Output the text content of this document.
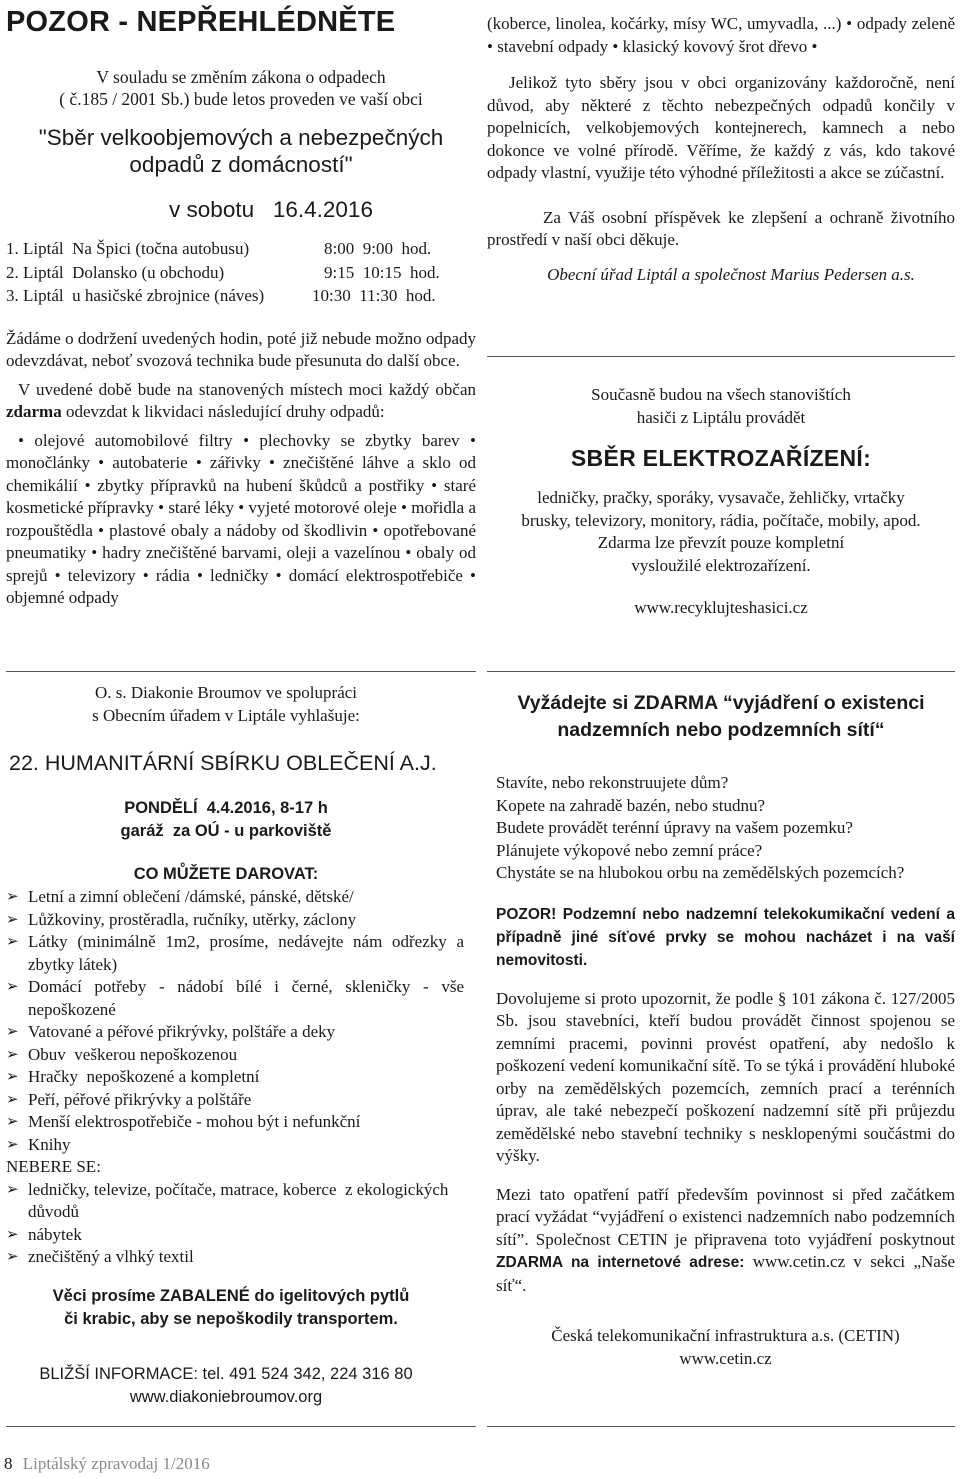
POZOR - NEPŘEHLÉDNĚTE
V souladu se změním zákona o odpadech
( č.185 / 2001 Sb.) bude letos proveden ve vaší obci
"Sběr velkoobjemových a nebezpečných
odpadů z domácností"
v sobotu   16.4.2016
1. Liptál  Na Špici (točna autobusu)	8:00  9:00  hod.
2. Liptál  Dolansko (u obchodu)	9:15  10:15  hod.
3. Liptál  u hasičské zbrojnice (náves)	10:30  11:30  hod.

Žádáme o dodržení uvedených hodin, poté již nebude možno odpady odevzdávat, neboť svozová technika bude přesunuta do další obce.

V uvedené době bude na stanovených místech moci každý občan zdarma odevzdat k likvidaci následující druhy odpadů:

• olejové automobilové filtry • plechovky se zbytky barev • monočlánky • autobaterie • zářivky • znečištěné láhve a sklo od chemikálií • zbytky přípravků na hubení škůdců a postřiky • staré kosmetické přípravky • staré léky • vyjeté motorové oleje • mořidla a rozpouštědla • plastové obaly a nádoby od škodlivin • opotřebované pneumatiky • hadry znečištěné barvami, oleji a vazelínou • obaly od sprejů • televizory • rádia • ledničky • domácí elektrospotřebiče • objemné odpady

(koberce, linolea, kočárky, mísy WC, umyvadla, ...) • odpady zeleně • stavební odpady • klasický kovový šrot dřevo •

Jelikož tyto sběry jsou v obci organizovány každoročně, není důvod, aby některé z těchto nebezpečných odpadů končily v popelnicích, velkobjemových kontejnerech, kamnech a nebo dokonce ve volné přírodě. Věříme, že každý z vás, kdo takové odpady vlastní, využije této výhodné příležitosti a akce se zúčastní.

Za Váš osobní příspěvek ke zlepšení a ochraně životního prostředí v naší obci děkuje.

Obecní úřad Liptál a společnost Marius Pedersen a.s.

Současně budou na všech stanovištích
hasiči z Liptálu provádět
SBĚR ELEKTROZAŘÍZENÍ:
ledničky, pračky, sporáky, vysavače, žehličky, vrtačky
brusky, televizory, monitory, rádia, počítače, mobily, apod.
Zdarma lze převzít pouze kompletní
vysloužilé elektrozařízení.
www.recyklujteshasici.cz
O. s. Diakonie Broumov ve spolupráci
s Obecním úřadem v Liptále vyhlašuje:
22. HUMANITÁRNÍ SBÍRKU OBLEČENÍ A.J.
PONDĚLÍ  4.4.2016, 8-17 h
garáž  za OÚ - u parkoviště
CO MŮŽETE DAROVAT:
➢ Letní a zimní oblečení /dámské, pánské, dětské/
➢ Lůžkoviny, prostěradla, ručníky, utěrky, záclony
➢ Látky (minimálně 1m2, prosíme, nedávejte nám odřezky a zbytky látek)
➢ Domácí potřeby - nádobí bílé i černé, skleničky - vše nepoškozené
➢ Vatované a péřové přikrývky, polštáře a deky
➢ Obuv  veškerou nepoškozenou
➢ Hračky  nepoškozené a kompletní
➢ Peří, péřové přikrývky a polštáře
➢ Menší elektrospotřebiče - mohou být i nefunkční
➢ Knihy
NEBERE SE:
➢ ledničky, televize, počítače, matrace, koberce  z ekologických důvodů
➢ nábytek
➢ znečištěný a vlhký textil
Věci prosíme ZABALENÉ do igelitových pytlů
či krabic, aby se nepoškodily transportem.
BLIŽŠÍ INFORMACE: tel. 491 524 342, 224 316 80
www.diakoniebroumov.org
Vyžádejte si ZDARMA “vyjádření o existenci
nadzemních nebo podzemních sítí“
Stavíte, nebo rekonstruujete dům?
Kopete na zahradě bazén, nebo studnu?
Budete provádět terénní úpravy na vašem pozemku?
Plánujete výkopové nebo zemní práce?
Chystáte se na hlubokou orbu na zemědělských pozemcích?

POZOR! Podzemní nebo nadzemní telekokumikační vedení a případně jiné síťové prvky se mohou nacházet i na vaší nemovitosti.

Dovolujeme si proto upozornit, že podle § 101 zákona č. 127/2005 Sb. jsou stavebníci, kteří budou provádět činnost spojenou se zemními pracemi, povinni provést opatření, aby nedošlo k poškození vedení komunikační sítě. To se týká i provádění hluboké orby na zemědělských pozemcích, zemních prací a terénních úprav, ale také nebezpečí poškození nadzemní sítě při průjezdu zemědělské nebo stavební techniky s nesklopenými součástmi do výšky.

Mezi tato opatření patří především povinnost si před začátkem prací vyžádat “vyjádření o existenci nadzemních nabo podzemních sítí”. Společnost CETIN je připravena toto vyjádření poskytnout ZDARMA na internetové adrese: www.cetin.cz v sekci „Naše síť“.

Česká telekomunikační infrastruktura a.s. (CETIN)
www.cetin.cz
8 Liptálský zpravodaj 1/2016
